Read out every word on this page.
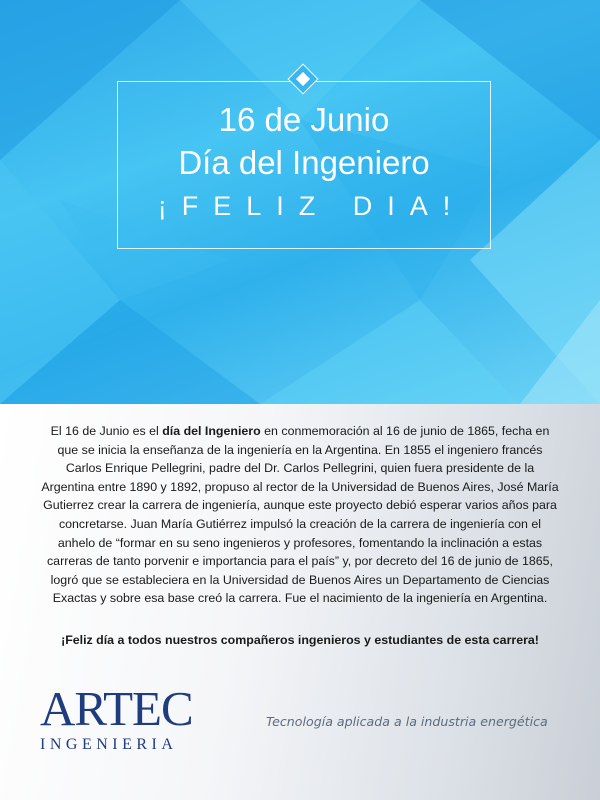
16 de Junio
Día del Ingeniero
¡FELIZ DIA!

El 16 de Junio es el día del Ingeniero en conmemoración al 16 de junio de 1865, fecha en que se inicia la enseñanza de la ingeniería en la Argentina. En 1855 el ingeniero francés Carlos Enrique Pellegrini, padre del Dr. Carlos Pellegrini, quien fuera presidente de la Argentina entre 1890 y 1892, propuso al rector de la Universidad de Buenos Aires, José María Gutierrez crear la carrera de ingeniería, aunque este proyecto debió esperar varios años para concretarse. Juan María Gutiérrez impulsó la creación de la carrera de ingeniería con el anhelo de “formar en su seno ingenieros y profesores, fomentando la inclinación a estas carreras de tanto porvenir e importancia para el país” y, por decreto del 16 de junio de 1865, logró que se estableciera en la Universidad de Buenos Aires un Departamento de Ciencias Exactas y sobre esa base creó la carrera. Fue el nacimiento de la ingeniería en Argentina.

¡Feliz día a todos nuestros compañeros ingenieros y estudiantes de esta carrera!

ARTEC
INGENIERIA
Tecnología aplicada a la industria energética
